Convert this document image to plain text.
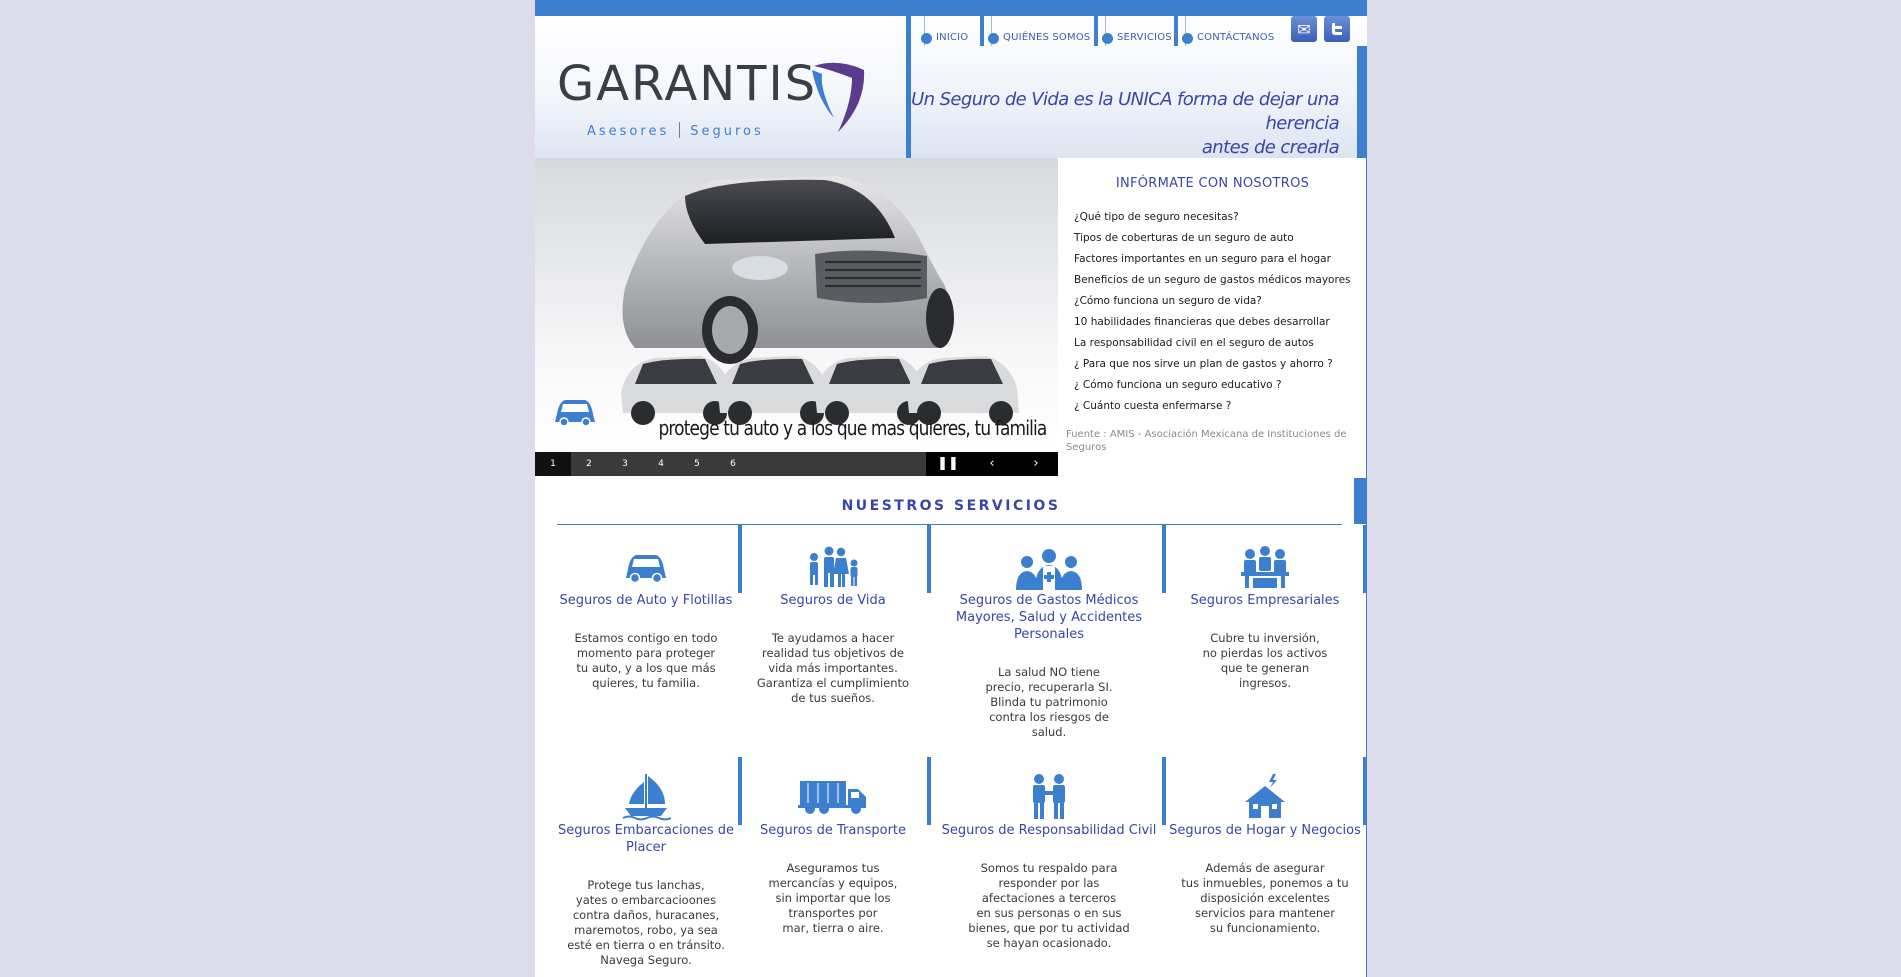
GARANTIS
Asesores Seguros
INICIO	QUIÉNES SOMOS	SERVICIOS	CONTÁCTANOS	✉
Un Seguro de Vida es la UNICA forma de dejar una herencia
antes de crearla
protege tu auto y a los que mas quieres, tu familia
1	2	3	4	5	6	❚❚	‹	›
INFÓRMATE CON NOSOTROS
¿Qué tipo de seguro necesitas?
Tipos de coberturas de un seguro de auto
Factores importantes en un seguro para el hogar
Beneficios de un seguro de gastos médicos mayores
¿Cómo funciona un seguro de vida?
10 habilidades financieras que debes desarrollar
La responsabilidad civil en el seguro de autos
¿ Para que nos sirve un plan de gastos y ahorro ?
¿ Cómo funciona un seguro educativo ?
¿ Cuánto cuesta enfermarse ?
Fuente : AMIS - Asociación Mexicana de Instituciones de Seguros
NUESTROS SERVICIOS
Seguros de Auto y Flotillas
Estamos contigo en todo
momento para proteger
tu auto, y a los que más
quieres, tu familia.
Seguros de Vida
Te ayudamos a hacer
realidad tus objetivos de
vida más importantes.
Garantiza el cumplimiento
de tus sueños.
Seguros de Gastos Médicos Mayores, Salud y Accidentes Personales
La salud NO tiene
precio, recuperarla SI.
Blinda tu patrimonio
contra los riesgos de
salud.
Seguros Empresariales
Cubre tu inversión,
no pierdas los activos
que te generan
ingresos.
Seguros Embarcaciones de Placer
Protege tus lanchas,
yates o embarcacioones
contra daños, huracanes,
maremotos, robo, ya sea
esté en tierra o en tránsito.
Navega Seguro.
Seguros de Transporte
Aseguramos tus
mercancías y equipos,
sin importar que los
transportes por
mar, tierra o aire.
Seguros de Responsabilidad Civil
Somos tu respaldo para
responder por las
afectaciones a terceros
en sus personas o en sus
bienes, que por tu actividad
se hayan ocasionado.
Seguros de Hogar y Negocios
Además de asegurar
tus inmuebles, ponemos a tu
disposición excelentes
servicios para mantener
su funcionamiento.
